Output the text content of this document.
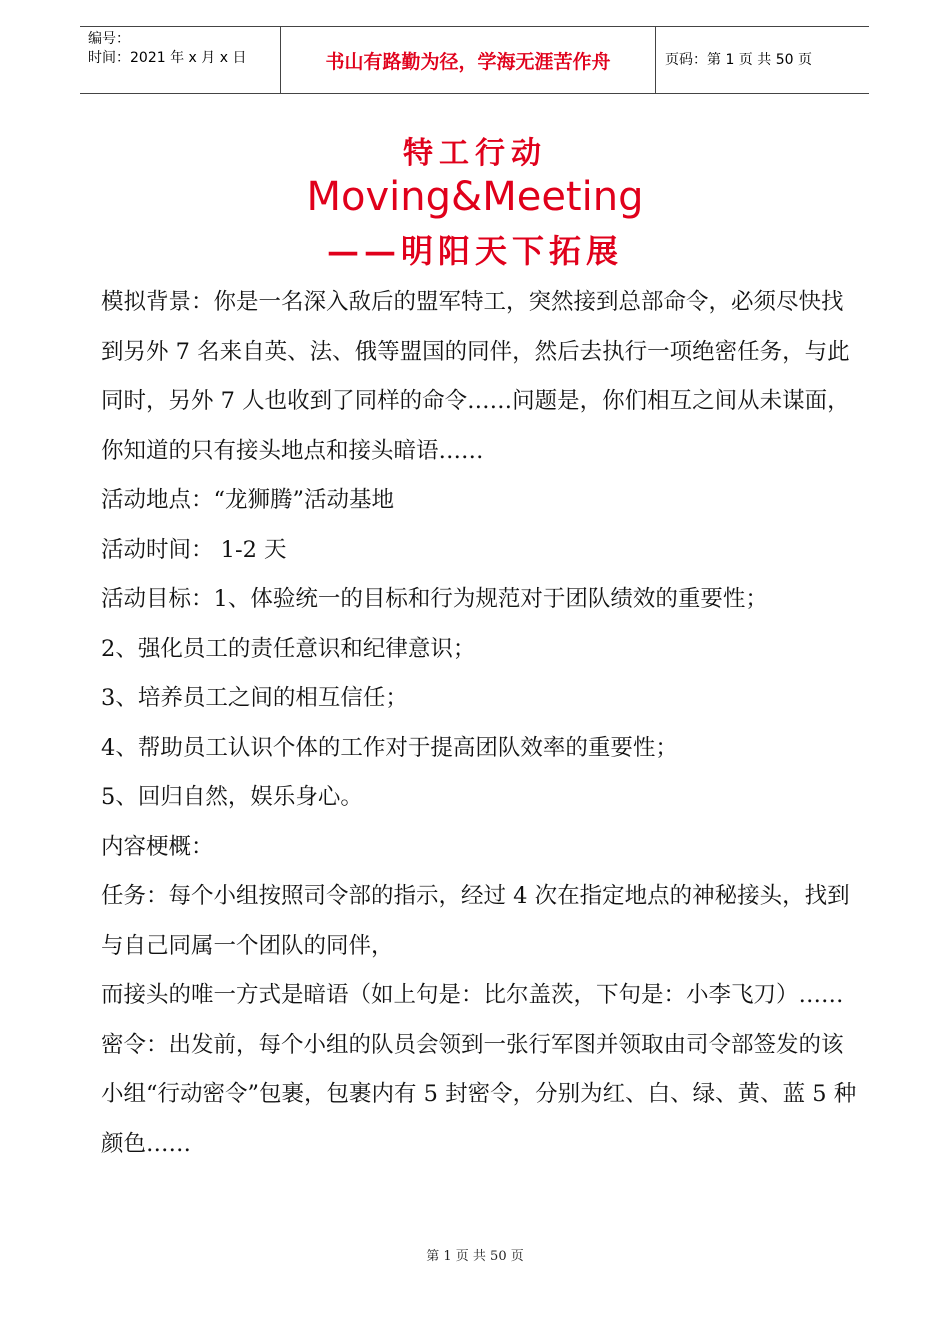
编号：
时间：2021 年 x 月 x 日	书山有路勤为径，学海无涯苦作舟	页码：第 1 页 共 50 页
特工行动
Moving&Meeting
——明阳天下拓展

模拟背景：你是一名深入敌后的盟军特工，突然接到总部命令，必须尽快找到另外 7 名来自英、法、俄等盟国的同伴，然后去执行一项绝密任务，与此同时，另外 7 人也收到了同样的命令……问题是，你们相互之间从未谋面，你知道的只有接头地点和接头暗语……

活动地点：“龙狮腾”活动基地

活动时间： 1-2 天

活动目标：1、体验统一的目标和行为规范对于团队绩效的重要性；

2、强化员工的责任意识和纪律意识；

3、培养员工之间的相互信任；

4、帮助员工认识个体的工作对于提高团队效率的重要性；

5、回归自然，娱乐身心。

内容梗概：

任务：每个小组按照司令部的指示，经过 4 次在指定地点的神秘接头，找到与自己同属一个团队的同伴，

而接头的唯一方式是暗语（如上句是：比尔盖茨，下句是：小李飞刀）……

密令：出发前，每个小组的队员会领到一张行军图并领取由司令部签发的该小组“行动密令”包裹，包裹内有 5 封密令，分别为红、白、绿、黄、蓝 5 种颜色……

第 1 页 共 50 页
